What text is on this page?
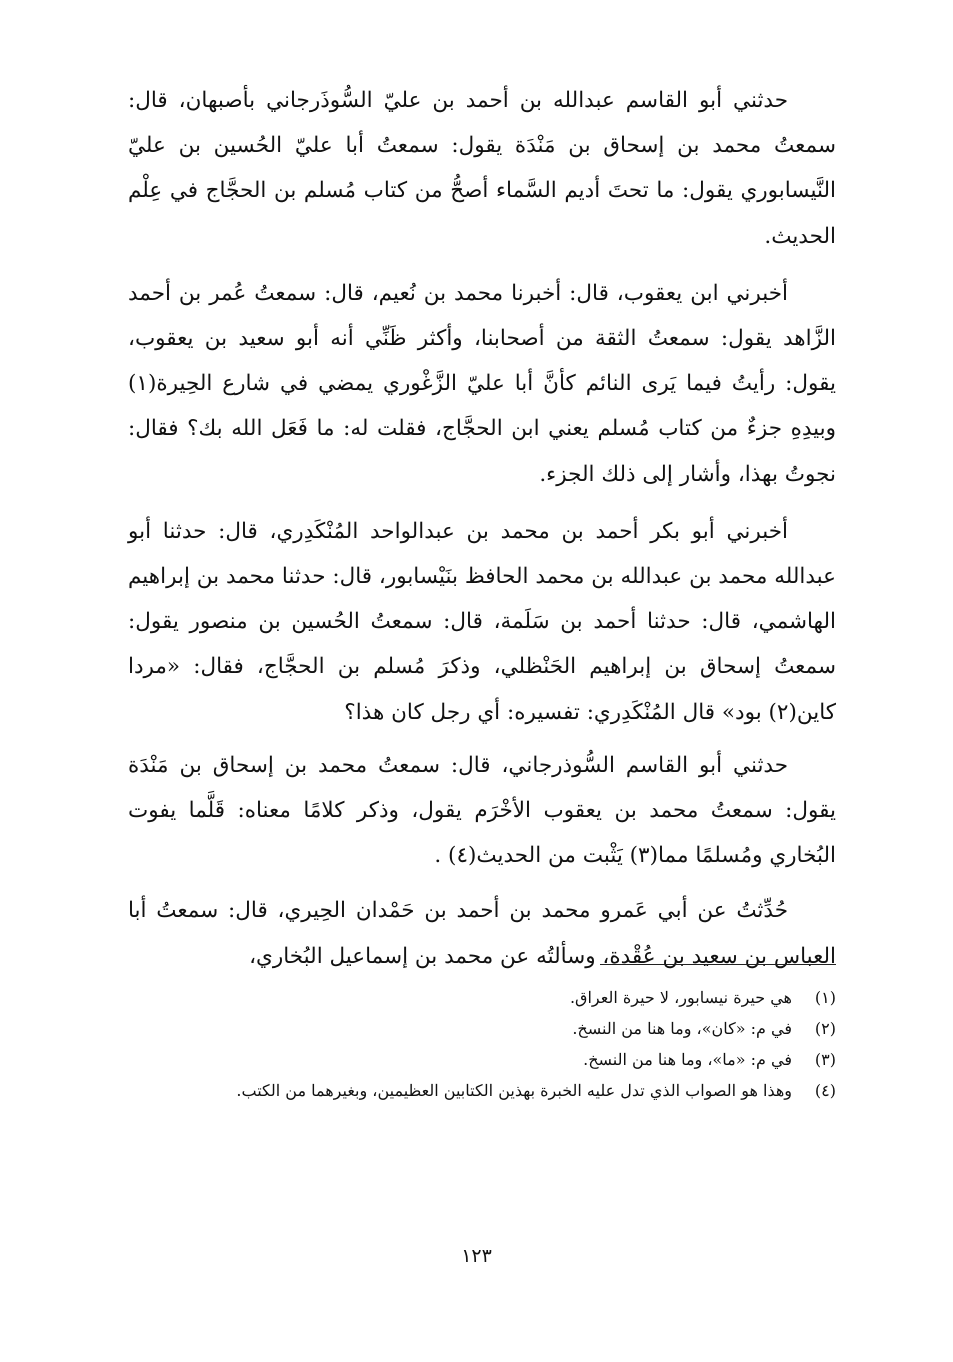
حدثني أبو القاسم عبدالله بن أحمد بن عليّ السُّوذَرجاني بأصبهان، قال: سمعتُ محمد بن إسحاق بن مَنْدَة يقول: سمعتُ أبا عليّ الحُسين بن عليّ النَّيسابوري يقول: ما تحتَ أديم السَّماء أصحُّ من كتاب مُسلم بن الحجَّاج في عِلْم الحديث.

أخبرني ابن يعقوب، قال: أخبرنا محمد بن نُعيم، قال: سمعتُ عُمر بن أحمد الزَّاهد يقول: سمعتُ الثقة من أصحابنا، وأكثر ظَنِّي أنه أبو سعيد بن يعقوب، يقول: رأيتُ فيما يَرى النائم كأنَّ أبا عليّ الزَّغْوري يمضي في شارع الحِيرة(١) وبيدِهِ جزءٌ من كتاب مُسلم يعني ابن الحجَّاج، فقلت له: ما فَعَل الله بك؟ فقال: نجوتُ بهذا، وأشار إلى ذلك الجزء.

أخبرني أبو بكر أحمد بن محمد بن عبدالواحد المُنْكَدِري، قال: حدثنا أبو عبدالله محمد بن عبدالله بن محمد الحافظ بنَيْسابور، قال: حدثنا محمد بن إبراهيم الهاشمي، قال: حدثنا أحمد بن سَلَمة، قال: سمعتُ الحُسين بن منصور يقول: سمعتُ إسحاق بن إبراهيم الحَنْظلي، وذكرَ مُسلم بن الحجَّاج، فقال: «مردا كاين(٢) بود» قال المُنْكَدِري: تفسيره: أي رجل كان هذا؟

حدثني أبو القاسم السُّوذرجاني، قال: سمعتُ محمد بن إسحاق بن مَنْدَة يقول: سمعتُ محمد بن يعقوب الأخْرَم يقول، وذكر كلامًا معناه: قَلَّما يفوت البُخاري ومُسلمًا مما(٣) يَثْبت من الحديث(٤) .

حُدِّثتُ عن أبي عَمرو محمد بن أحمد بن حَمْدان الحِيري، قال: سمعتُ أبا العباس بن سعيد بن عُقْدة، وسألتُه عن محمد بن إسماعيل البُخاري،

(١)
هي حيرة نيسابور، لا حيرة العراق.
(٢)
في م: «كان»، وما هنا من النسخ.
(٣)
في م: «ما»، وما هنا من النسخ.
(٤)
وهذا هو الصواب الذي تدل عليه الخبرة بهذين الكتابين العظيمين، وبغيرهما من الكتب.
١٢٣
